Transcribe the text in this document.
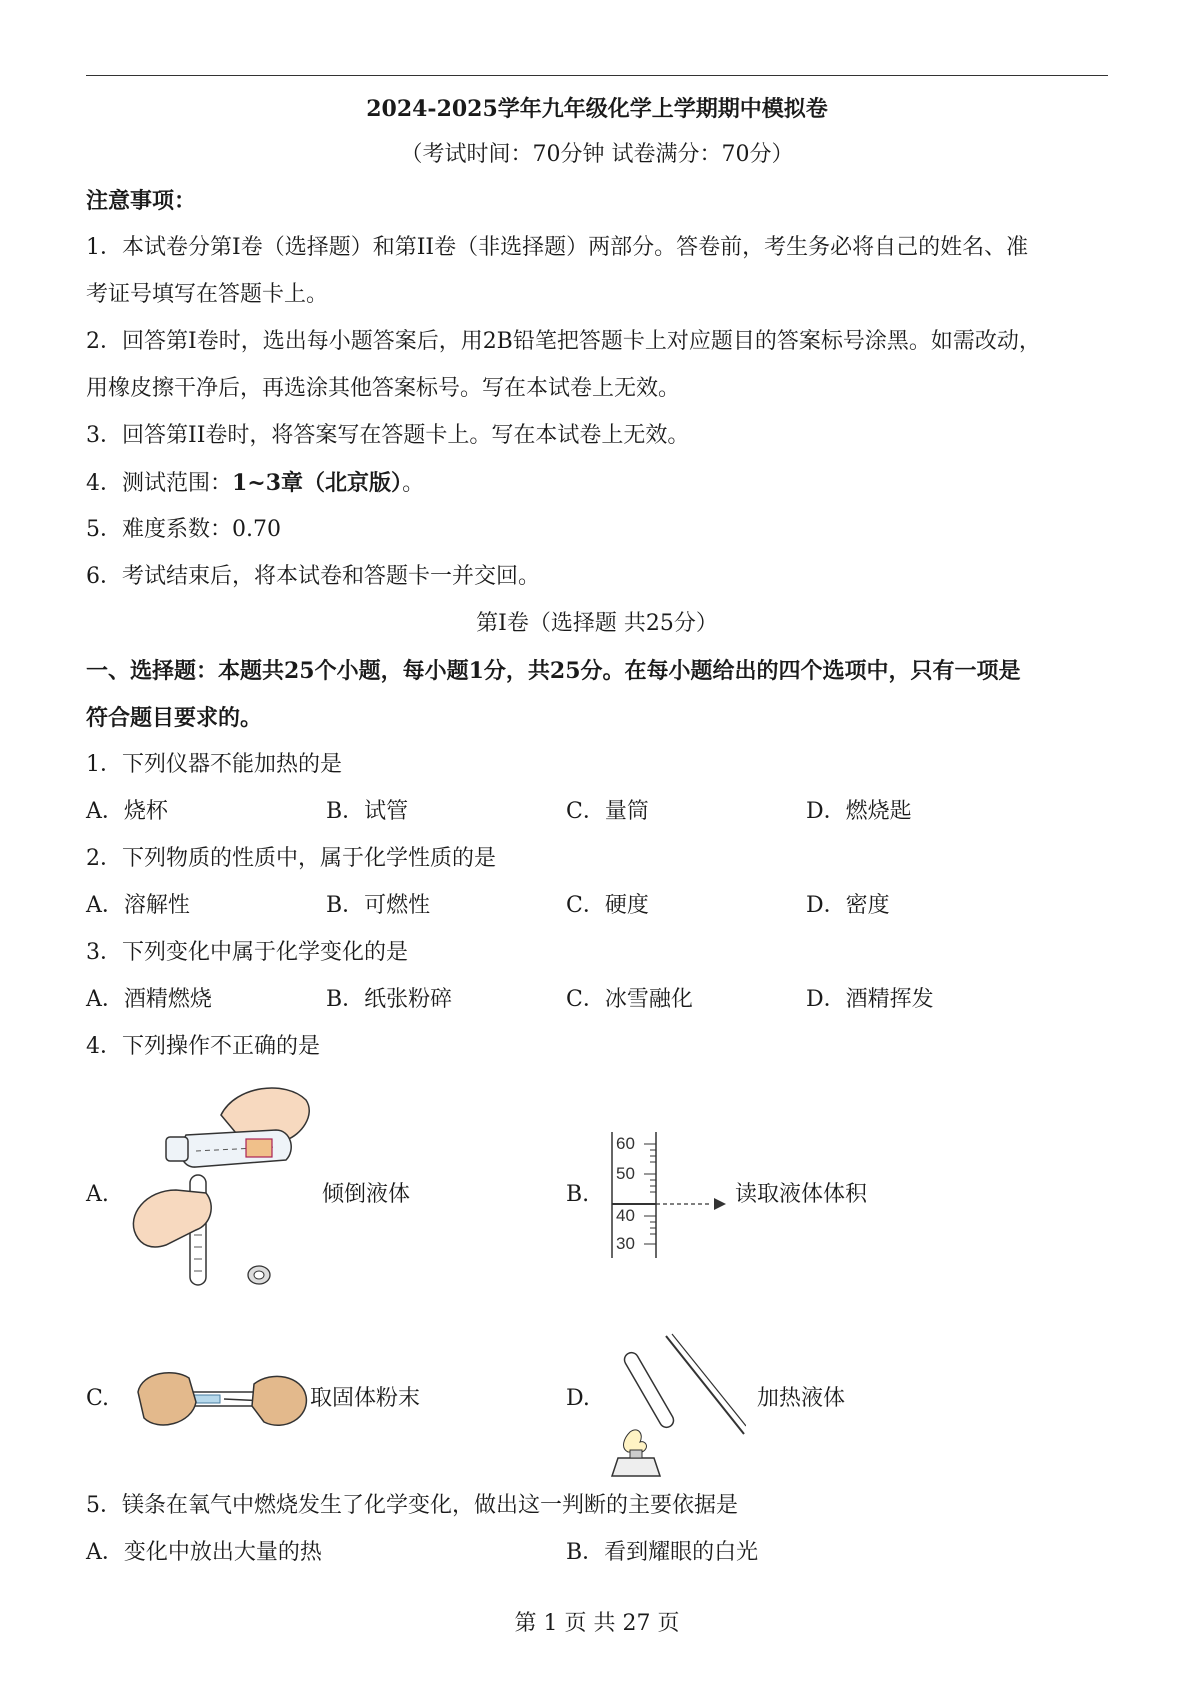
2024-2025学年九年级化学上学期期中模拟卷
（考试时间：70分钟 试卷满分：70分）
注意事项：
1．本试卷分第I卷（选择题）和第II卷（非选择题）两部分。答卷前，考生务必将自己的姓名、准
考证号填写在答题卡上。
2．回答第I卷时，选出每小题答案后，用2B铅笔把答题卡上对应题目的答案标号涂黑。如需改动，
用橡皮擦干净后，再选涂其他答案标号。写在本试卷上无效。
3．回答第II卷时，将答案写在答题卡上。写在本试卷上无效。
4．测试范围：1~3章（北京版）。
5．难度系数：0.70
6．考试结束后，将本试卷和答题卡一并交回。
第I卷（选择题 共25分）
一、选择题：本题共25个小题，每小题1分，共25分。在每小题给出的四个选项中，只有一项是
符合题目要求的。
1．下列仪器不能加热的是
A．烧杯	B．试管	C．量筒	D．燃烧匙
2．下列物质的性质中，属于化学性质的是
A．溶解性	B．可燃性	C．硬度	D．密度
3．下列变化中属于化学变化的是
A．酒精燃烧	B．纸张粉碎	C．冰雪融化	D．酒精挥发
4．下列操作不正确的是
A.	倾倒液体	B.
60
50
40
30
读取液体体积
C.	取固体粉末	D.	加热液体
5．镁条在氧气中燃烧发生了化学变化，做出这一判断的主要依据是
A．变化中放出大量的热	B．看到耀眼的白光
第 1 页 共 27 页
